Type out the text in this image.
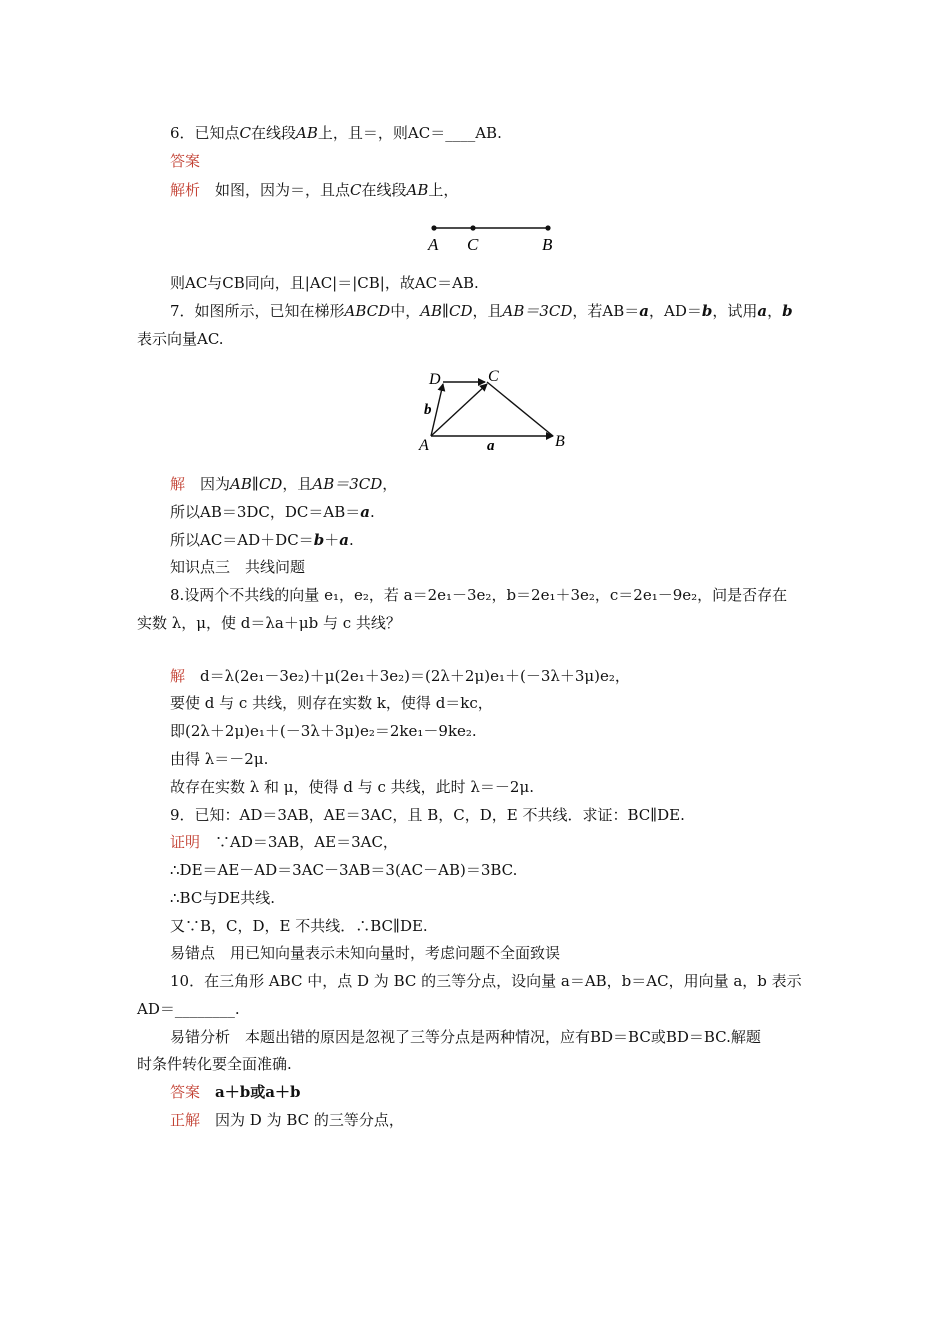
6．已知点C在线段AB上，且＝，则AC＝____AB.
答案
解析　 如图，因为＝，且点C在线段AB上，
A C	B
则AC与CB同向，且|AC|＝|CB|，故AC＝AB.
7．如图所示，已知在梯形ABCD中，AB∥CD，且AB＝3CD，若AB＝a，AD＝b，试用a，b
表示向量AC.
D	C
b
A	a	B
解　 因为AB∥CD，且AB＝3CD，
所以AB＝3DC，DC＝AB＝a.
所以AC＝AD＋DC＝b＋a.
知识点三　共线问题
8.设两个不共线的向量 e₁，e₂，若 a＝2e₁－3e₂，b＝2e₁＋3e₂，c＝2e₁－9e₂，问是否存在
实数 λ，μ，使 d＝λa＋μb 与 c 共线？
解　 d＝λ(2e₁－3e₂)＋μ(2e₁＋3e₂)＝(2λ＋2μ)e₁＋(－3λ＋3μ)e₂，
要使 d 与 c 共线，则存在实数 k，使得 d＝kc，
即(2λ＋2μ)e₁＋(－3λ＋3μ)e₂＝2ke₁－9ke₂.
由得 λ＝－2μ.
故存在实数 λ 和 μ，使得 d 与 c 共线，此时 λ＝－2μ.
9．已知：AD＝3AB，AE＝3AC，且 B，C，D，E 不共线．求证：BC∥DE.
证明　 ∵AD＝3AB，AE＝3AC，
∴DE＝AE－AD＝3AC－3AB＝3(AC－AB)＝3BC.
∴BC与DE共线.
又∵B，C，D，E 不共线．∴BC∥DE.
易错点　用已知向量表示未知向量时，考虑问题不全面致误
10．在三角形 ABC 中，点 D 为 BC 的三等分点，设向量 a＝AB，b＝AC，用向量 a，b 表示
AD＝________.
易错分析　本题出错的原因是忽视了三等分点是两种情况，应有BD＝BC或BD＝BC.解题
时条件转化要全面准确.
答案　 a＋b或a＋b
正解　 因为 D 为 BC 的三等分点，
